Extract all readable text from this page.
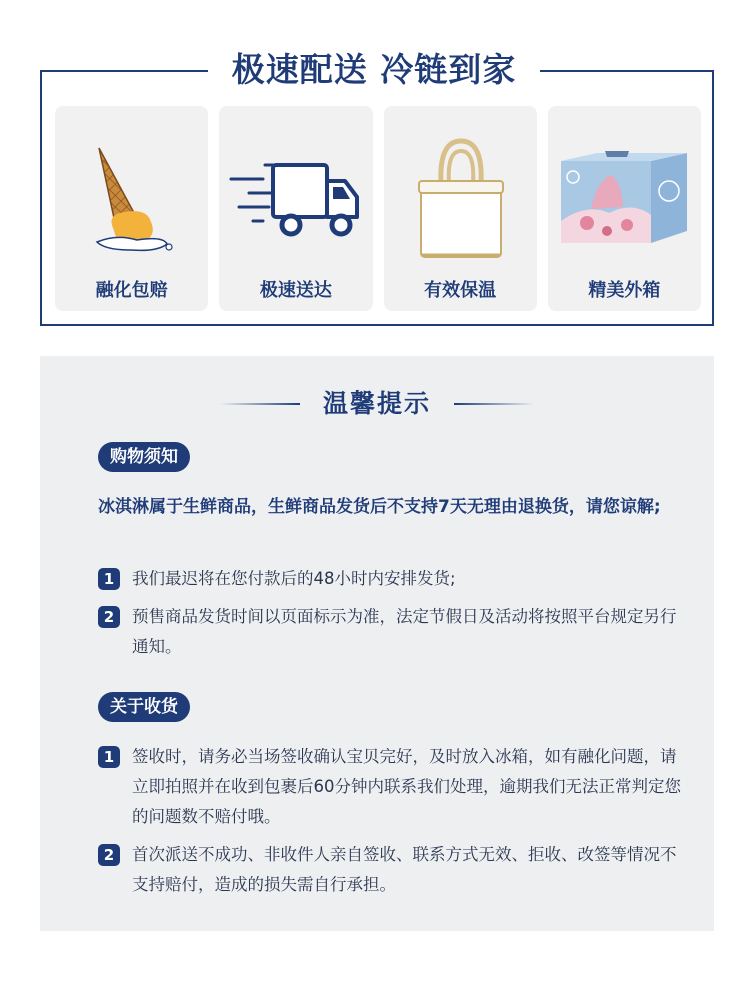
极速配送 冷链到家
融化包赔	极速送达	有效保温	精美外箱
温馨提示
购物须知
冰淇淋属于生鲜商品，生鲜商品发货后不支持7天无理由退换货，请您谅解;
1	我们最迟将在您付款后的48小时内安排发货;
2	预售商品发货时间以页面标示为准，法定节假日及活动将按照平台规定另行通知。
关于收货
1	签收时，请务必当场签收确认宝贝完好，及时放入冰箱，如有融化问题，请立即拍照并在收到包裹后60分钟内联系我们处理，逾期我们无法正常判定您的问题数不赔付哦。
2	首次派送不成功、非收件人亲自签收、联系方式无效、拒收、改签等情况不支持赔付，造成的损失需自行承担。
